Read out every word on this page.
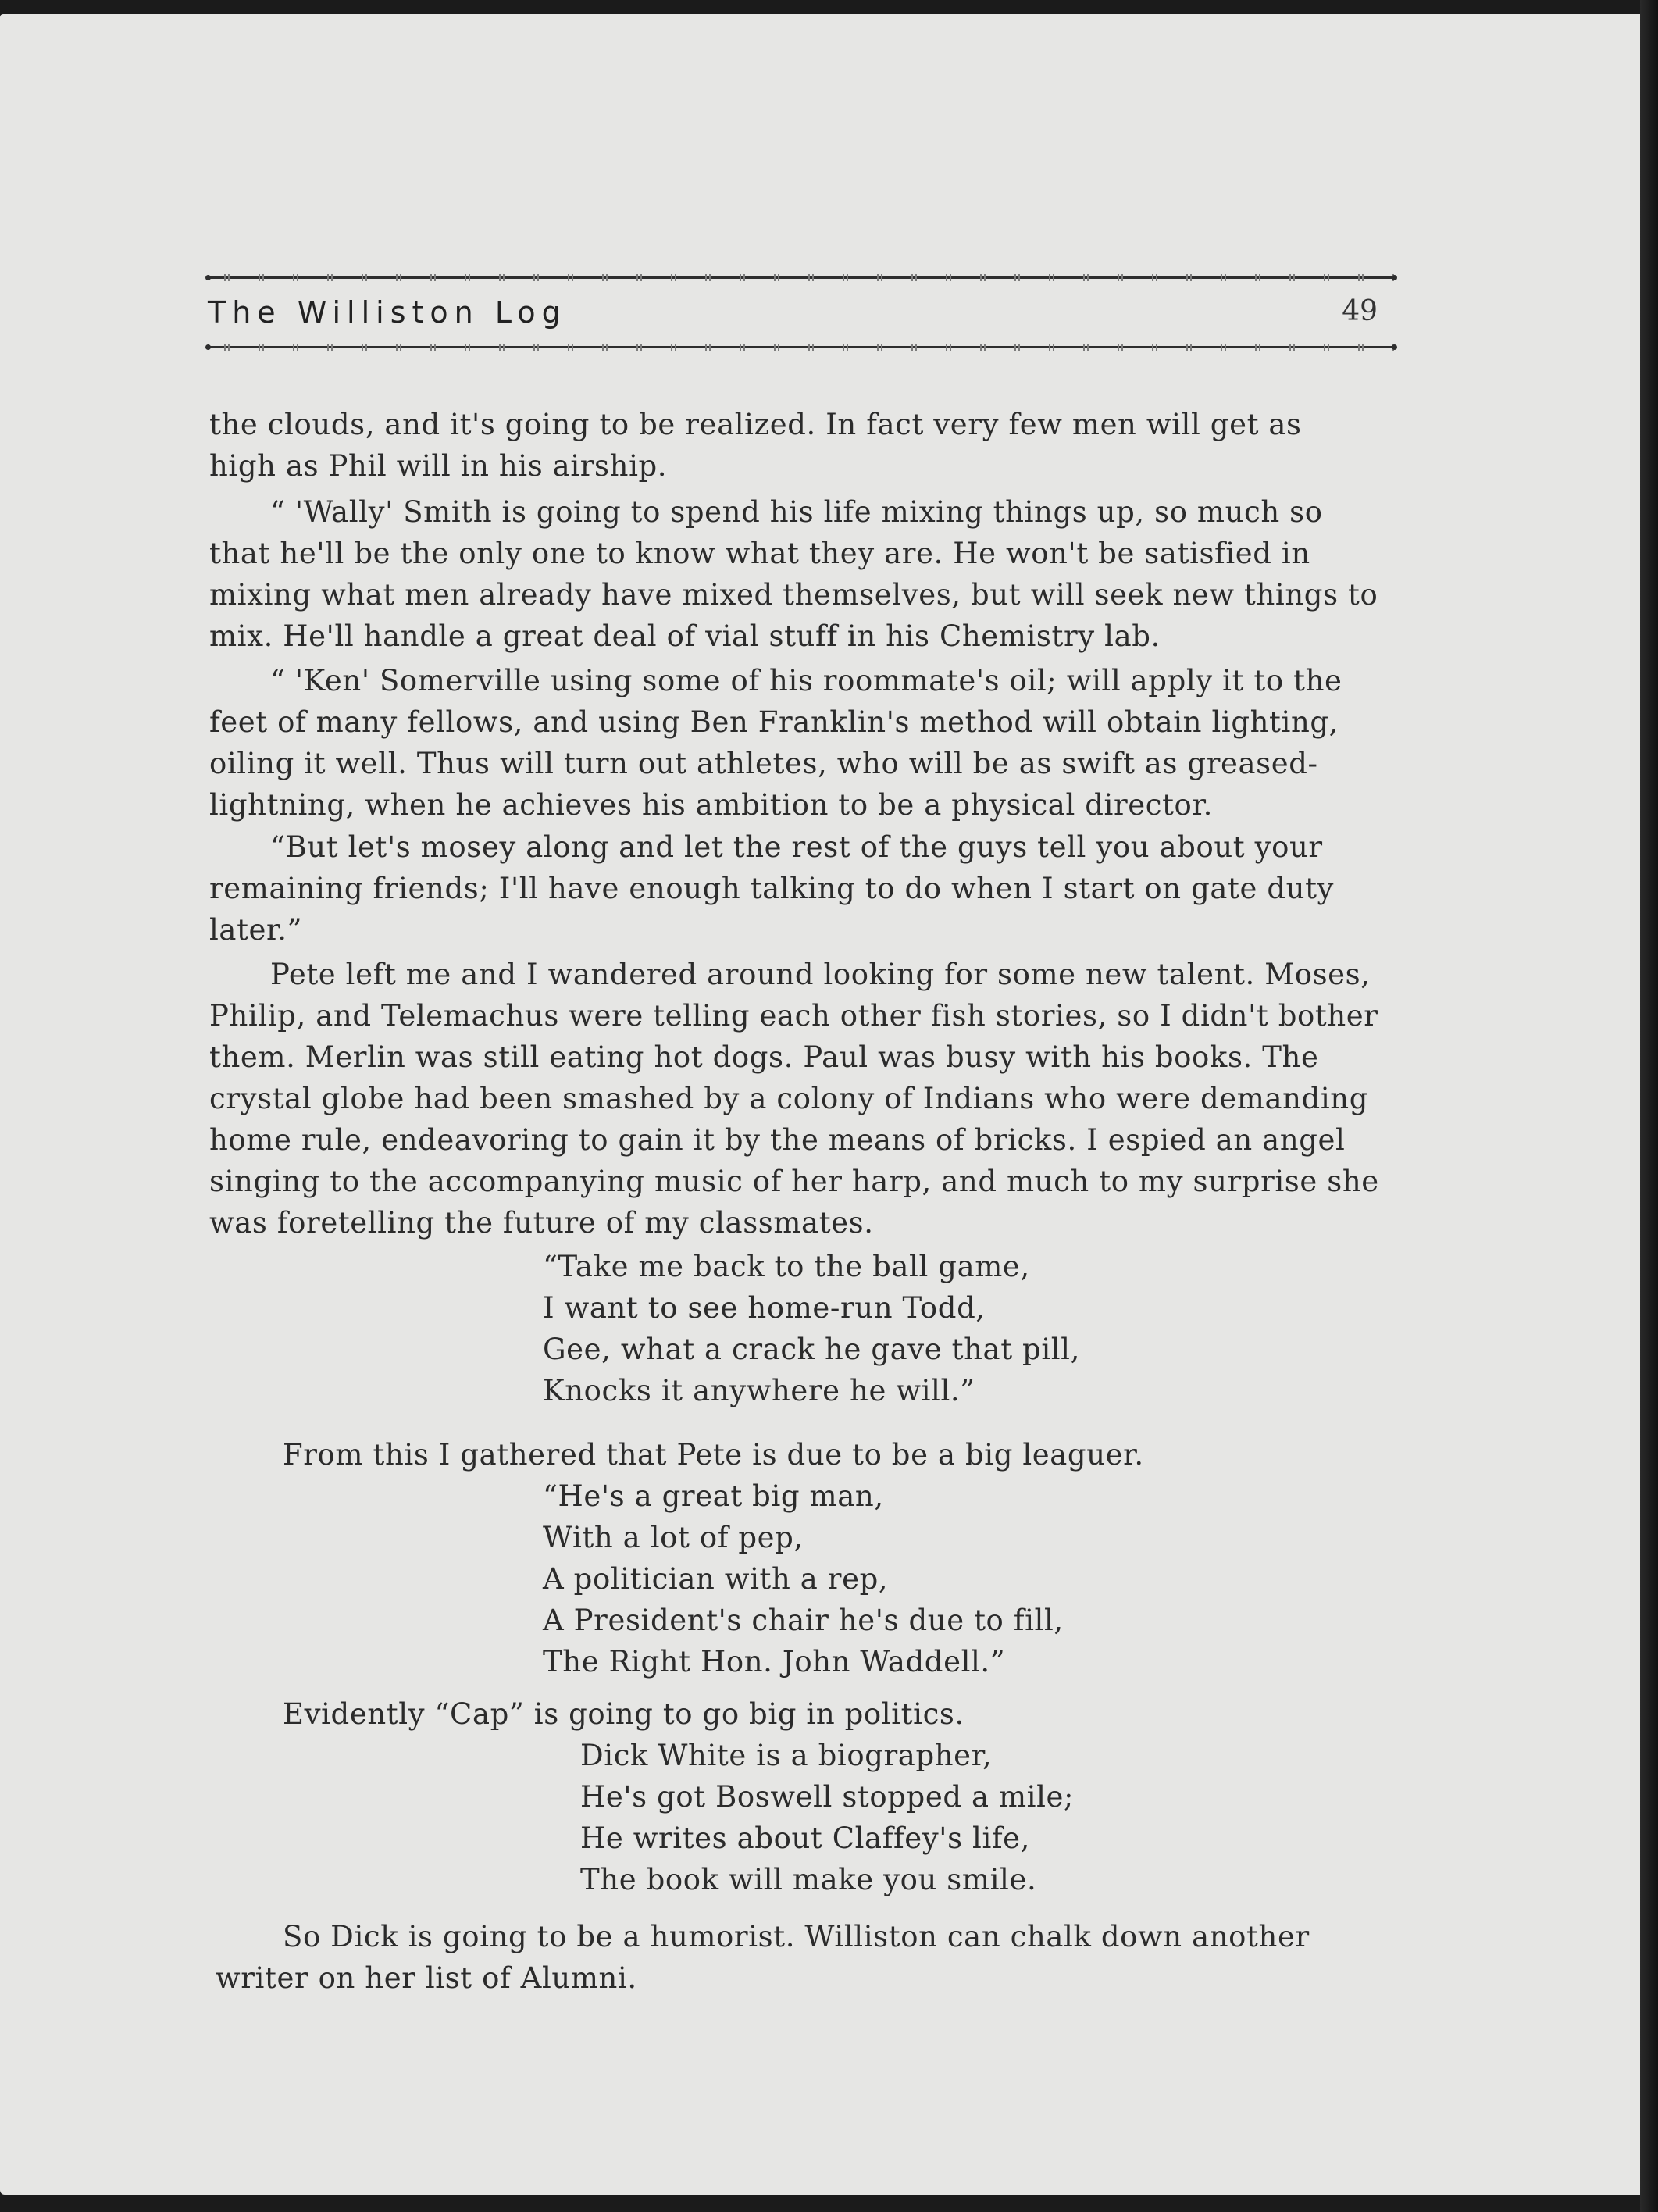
The Williston Log	49
the clouds, and it's going to be realized. In fact very few men will get as
high as Phil will in his airship.
“ 'Wally' Smith is going to spend his life mixing things up, so much so
that he'll be the only one to know what they are. He won't be satisfied in
mixing what men already have mixed themselves, but will seek new things to
mix. He'll handle a great deal of vial stuff in his Chemistry lab.
“ 'Ken' Somerville using some of his roommate's oil; will apply it to the
feet of many fellows, and using Ben Franklin's method will obtain lighting,
oiling it well. Thus will turn out athletes, who will be as swift as greased-
lightning, when he achieves his ambition to be a physical director.
“But let's mosey along and let the rest of the guys tell you about your
remaining friends; I'll have enough talking to do when I start on gate duty
later.”
Pete left me and I wandered around looking for some new talent. Moses,
Philip, and Telemachus were telling each other fish stories, so I didn't bother
them. Merlin was still eating hot dogs. Paul was busy with his books. The
crystal globe had been smashed by a colony of Indians who were demanding
home rule, endeavoring to gain it by the means of bricks. I espied an angel
singing to the accompanying music of her harp, and much to my surprise she
was foretelling the future of my classmates.
“Take me back to the ball game,
I want to see home-run Todd,
Gee, what a crack he gave that pill,
Knocks it anywhere he will.”
From this I gathered that Pete is due to be a big leaguer.
“He's a great big man,
With a lot of pep,
A politician with a rep,
A President's chair he's due to fill,
The Right Hon. John Waddell.”
Evidently “Cap” is going to go big in politics.
Dick White is a biographer,
He's got Boswell stopped a mile;
He writes about Claffey's life,
The book will make you smile.
So Dick is going to be a humorist. Williston can chalk down another
writer on her list of Alumni.
